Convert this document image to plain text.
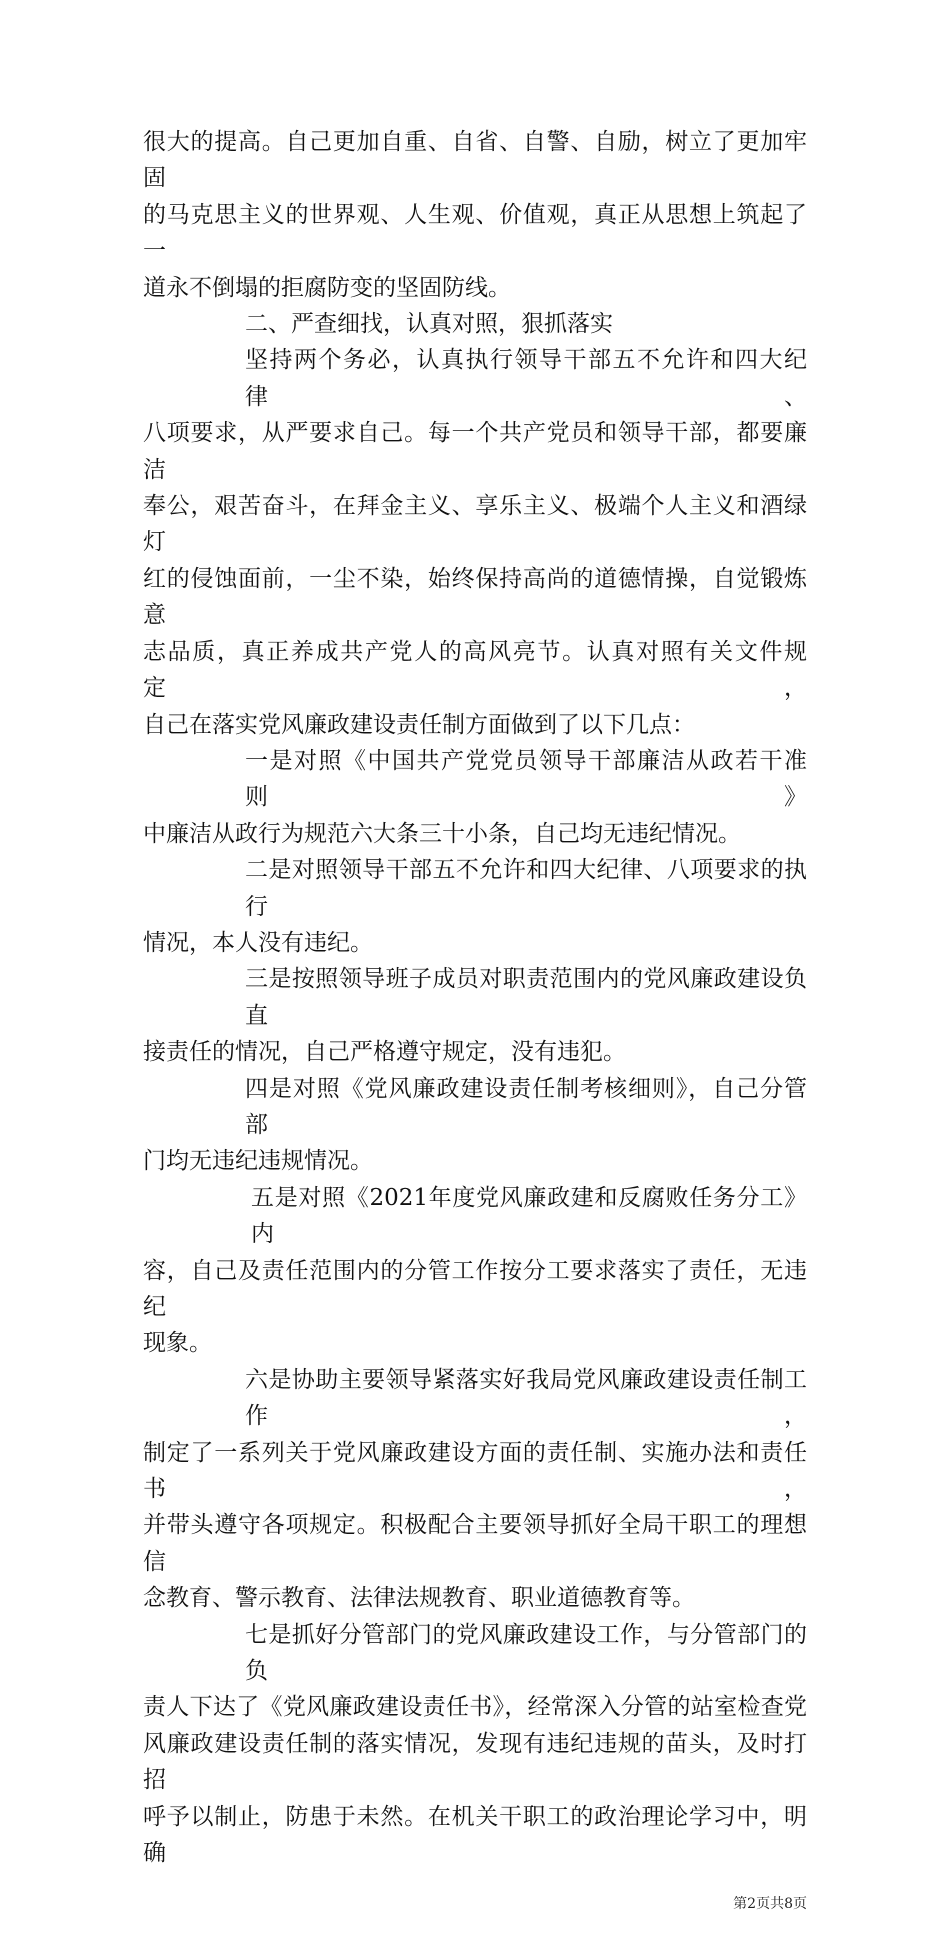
很大的提高。自己更加自重、自省、自警、自励，树立了更加牢固
的马克思主义的世界观、人生观、价值观，真正从思想上筑起了一
道永不倒塌的拒腐防变的坚固防线。
二、严查细找，认真对照，狠抓落实
坚持两个务必，认真执行领导干部五不允许和四大纪律、
八项要求，从严要求自己。每一个共产党员和领导干部，都要廉洁
奉公，艰苦奋斗，在拜金主义、享乐主义、极端个人主义和酒绿灯
红的侵蚀面前，一尘不染，始终保持高尚的道德情操，自觉锻炼意
志品质，真正养成共产党人的高风亮节。认真对照有关文件规定，
自己在落实党风廉政建设责任制方面做到了以下几点：
一是对照《中国共产党党员领导干部廉洁从政若干准则》
中廉洁从政行为规范六大条三十小条，自己均无违纪情况。
二是对照领导干部五不允许和四大纪律、八项要求的执行
情况，本人没有违纪。
三是按照领导班子成员对职责范围内的党风廉政建设负直
接责任的情况，自己严格遵守规定，没有违犯。
四是对照《党风廉政建设责任制考核细则》，自己分管部
门均无违纪违规情况。
五是对照《2021年度党风廉政建和反腐败任务分工》内
容，自己及责任范围内的分管工作按分工要求落实了责任，无违纪
现象。
六是协助主要领导紧落实好我局党风廉政建设责任制工作，
制定了一系列关于党风廉政建设方面的责任制、实施办法和责任书，
并带头遵守各项规定。积极配合主要领导抓好全局干职工的理想信
念教育、警示教育、法律法规教育、职业道德教育等。
七是抓好分管部门的党风廉政建设工作，与分管部门的负
责人下达了《党风廉政建设责任书》，经常深入分管的站室检查党
风廉政建设责任制的落实情况，发现有违纪违规的苗头，及时打招
呼予以制止，防患于未然。在机关干职工的政治理论学习中，明确
第2页共8页
